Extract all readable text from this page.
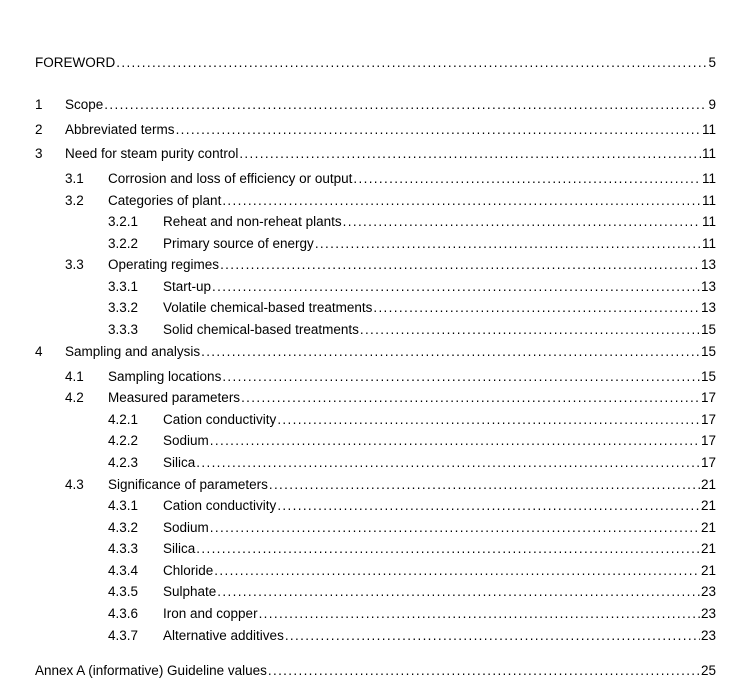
FOREWORD . . .	5
1 Scope . . .	9
2 Abbreviated terms . . .	11
3 Need for steam purity control . . .	11
3.1 Corrosion and loss of efficiency or output . . .	11
3.2 Categories of plant . . .	11
3.2.1 Reheat and non-reheat plants . . .	11
3.2.2 Primary source of energy . . .	11
3.3 Operating regimes . . .	13
3.3.1 Start-up . . .	13
3.3.2 Volatile chemical-based treatments . . .	13
3.3.3 Solid chemical-based treatments . . .	15
4 Sampling and analysis . . .	15
4.1 Sampling locations . . .	15
4.2 Measured parameters . . .	17
4.2.1 Cation conductivity . . .	17
4.2.2 Sodium . . .	17
4.2.3 Silica . . .	17
4.3 Significance of parameters . . .	21
4.3.1 Cation conductivity . . .	21
4.3.2 Sodium . . .	21
4.3.3 Silica . . .	21
4.3.4 Chloride . . .	21
4.3.5 Sulphate . . .	23
4.3.6 Iron and copper . . .	23
4.3.7 Alternative additives . . .	23
Annex A (informative) Guideline values . . .	25
